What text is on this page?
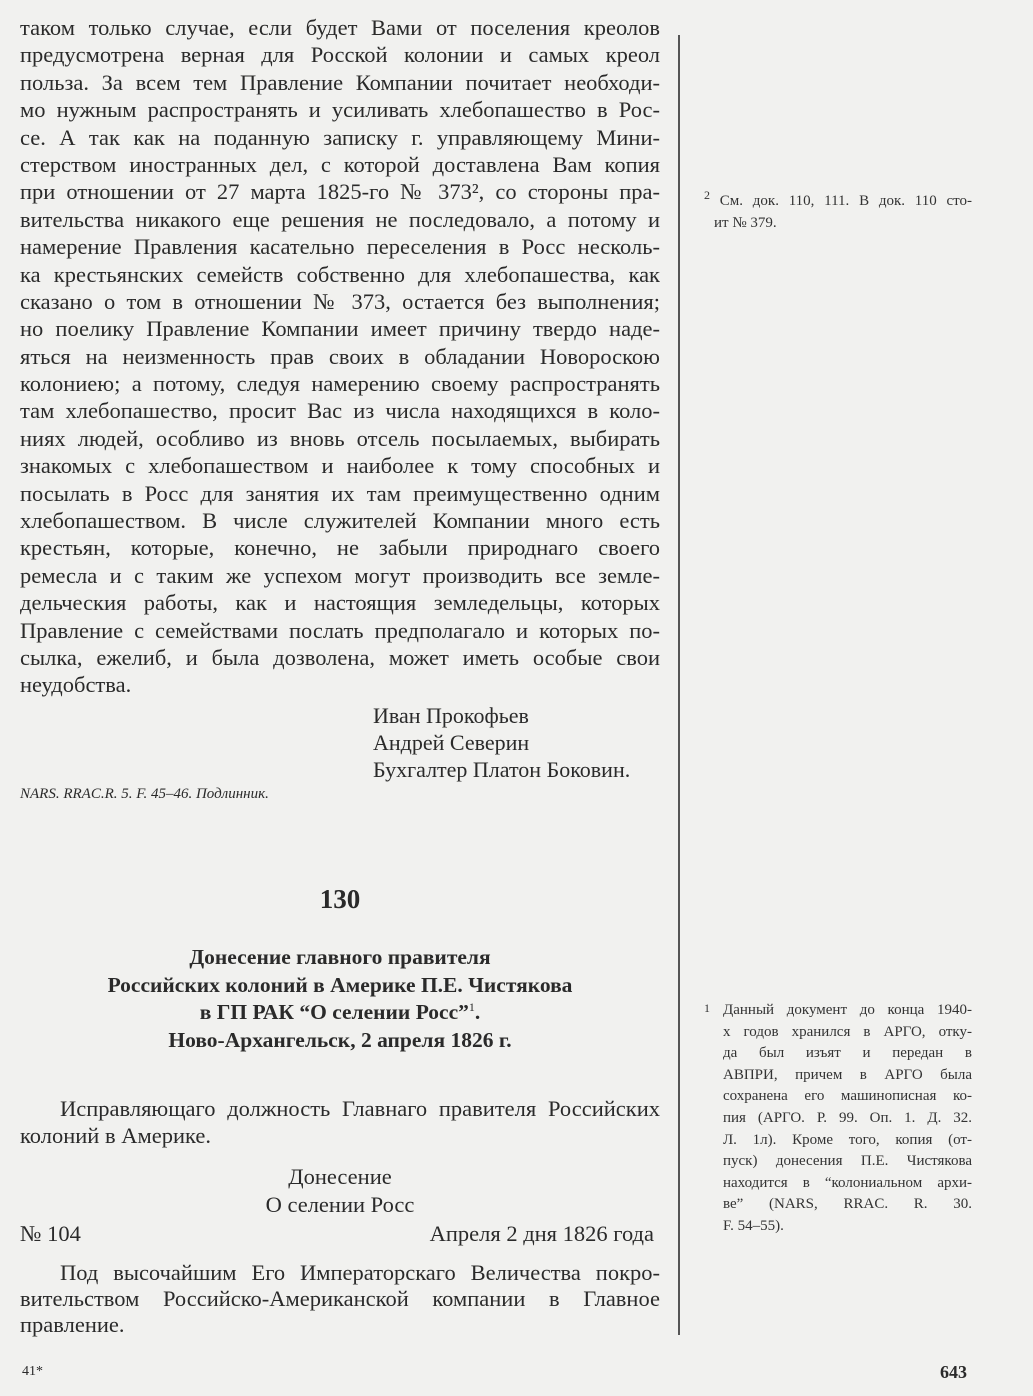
таком только случае, если будет Вами от поселения креолов
предусмотрена верная для Росской колонии и самых креол
польза. За всем тем Правление Компании почитает необходи-
мо нужным распространять и усиливать хлебопашество в Рос-
се. А так как на поданную записку г. управляющему Мини-
стерством иностранных дел, с которой доставлена Вам копия
при отношении от 27 марта 1825-го № 373², со стороны пра-
вительства никакого еще решения не последовало, а потому и
намерение Правления касательно переселения в Росс несколь-
ка крестьянских семейств собственно для хлебопашества, как
сказано о том в отношении № 373, остается без выполнения;
но поелику Правление Компании имеет причину твердо наде-
яться на неизменность прав своих в обладании Новороскою
колониею; а потому, следуя намерению своему распространять
там хлебопашество, просит Вас из числа находящихся в коло-
ниях людей, особливо из вновь отсель посылаемых, выбирать
знакомых с хлебопашеством и наиболее к тому способных и
посылать в Росс для занятия их там преимущественно одним
хлебопашеством. В числе служителей Компании много есть
крестьян, которые, конечно, не забыли природнаго своего
ремесла и с таким же успехом могут производить все земле-
дельческия работы, как и настоящия земледельцы, которых
Правление с семействами послать предполагало и которых по-
сылка, ежелиб, и была дозволена, может иметь особые свои
неудобства.
Иван Прокофьев
Андрей Северин
Бухгалтер Платон Боковин.
NARS. RRAC.R. 5. F. 45–46. Подлинник.
130
Донесение главного правителя
Российских колоний в Америке П.Е. Чистякова
в ГП РАК “О селении Росс”$^1$.
Ново-Архангельск, 2 апреля 1826 г.
Исправляющаго должность Главнаго правителя Российских
колоний в Америке.
Донесение
О селении Росс
№ 104	Апреля 2 дня 1826 года
Под высочайшим Его Императорскаго Величества покро-
вительством Российско-Американской компании в Главное
правление.
$^2$ См. док. 110, 111. В док. 110 сто-
ит № 379.
1 Данный документ до конца 1940-
х годов хранился в АРГО, отку-
да был изъят и передан в
АВПРИ, причем в АРГО была
сохранена его машинописная ко-
пия (АРГО. Р. 99. Оп. 1. Д. 32.
Л. 1л). Кроме того, копия (от-
пуск) донесения П.Е. Чистякова
находится в “колониальном архи-
ве” (NARS, RRAC. R. 30.
F. 54–55).
41*	643
